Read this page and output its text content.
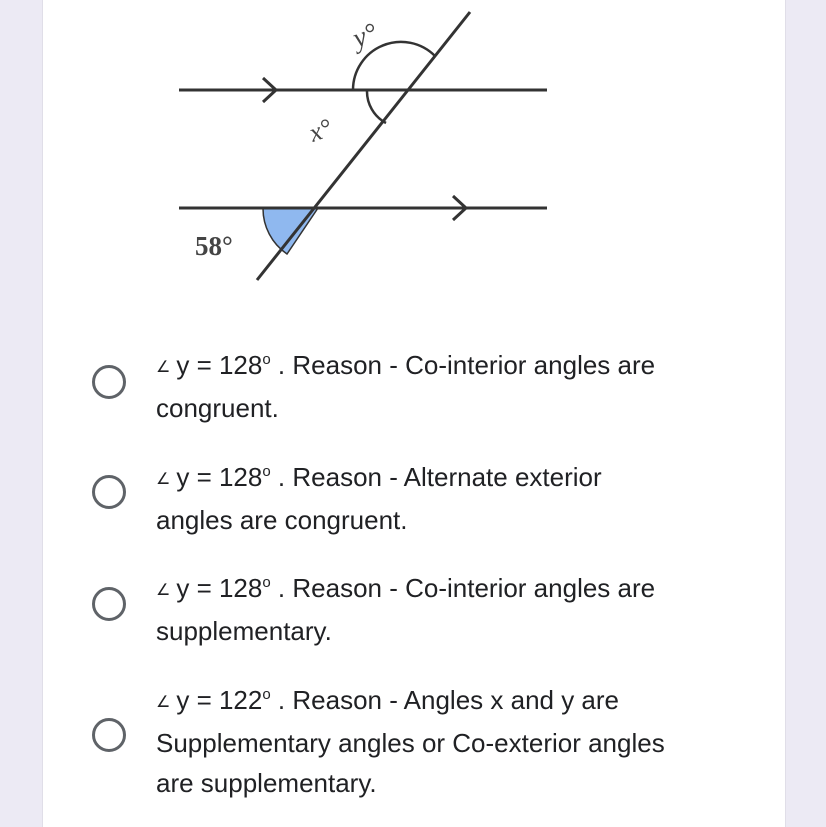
y°
x°
58°
∠ $y = 128^o$ . Reason - Co-interior angles are
congruent.
∠ $y = 128^o$ . Reason - Alternate exterior
angles are congruent.
∠ $y = 128^o$ . Reason - Co-interior angles are
supplementary.
∠ $y = 122^o$ . Reason - Angles x and y are
Supplementary angles or Co-exterior angles
are supplementary.
